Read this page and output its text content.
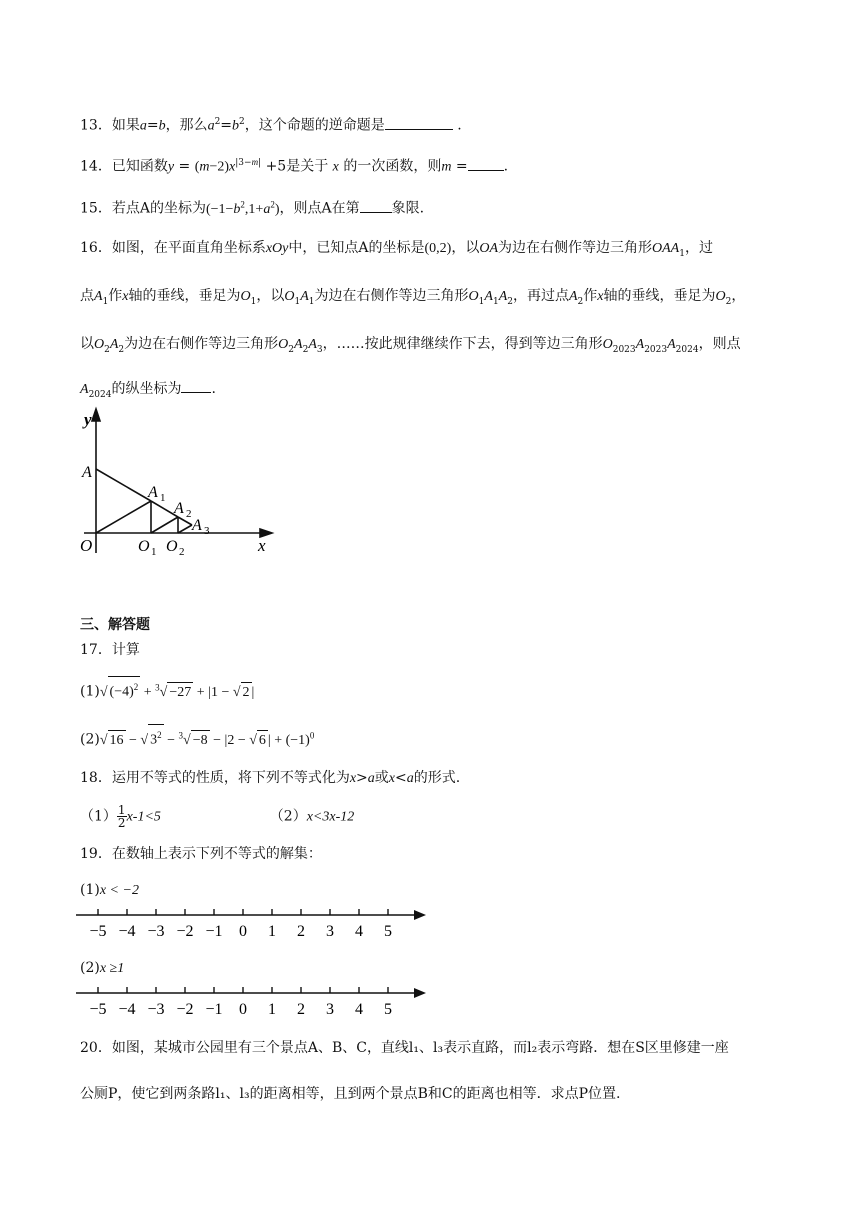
13．如果a=b，那么$a^2=b^2$，这个命题的逆命题是	.
14．已知函数$y = (m-2)x^{|3-m|} +5$是关于 x 的一次函数，则m =	.
15．若点A的坐标为$(-1-b^2,1+a^2)$，则点A在第 象限.
16．如图，在平面直角坐标系xOy中，已知点A的坐标是(0,2)，以OA为边在右侧作等边三角形$OAA_1$，过
点$A_1$作x轴的垂线，垂足为$O_1$，以$O_1A_1$为边在右侧作等边三角形$O_1A_1A_2$，再过点$A_2$作x轴的垂线，垂足为$O_2$，
以$O_2A_2$为边在右侧作等边三角形$O_2A_2A_3$，……按此规律继续作下去，得到等边三角形$O_{2023}A_{2023}A_{2024}$，则点
$A_{2024}$的纵坐标为 .
y
A
O
A 1
A 2
A 3
O 1 O 2	x
三、解答题
17．计算
(1)√ $(-4)^2 + ^3√ -27 + |1$ − √ 2 |
(2)√ 16 − √ $3^2 - ^3√ -8 - |2$ − √ 6 | + $(-1)^0$
18．运用不等式的性质，将下列不等式化为x>a或x<a的形式.
$(1) \frac{1}{2} x-1<5$	（2）x<3x-12
19．在数轴上表示下列不等式的解集：
(1)x < −2
−5 −4 −3 −2 −1 0 1 2 3 4 5
(2)x ≥1
−5 −4 −3 −2 −1 0 1 2 3 4 5
20．如图，某城市公园里有三个景点A、B、C，直线l₁、l₃表示直路，而l₂表示弯路．想在S区里修建一座
公厕P，使它到两条路l₁、l₃的距离相等，且到两个景点B和C的距离也相等．求点P位置.
